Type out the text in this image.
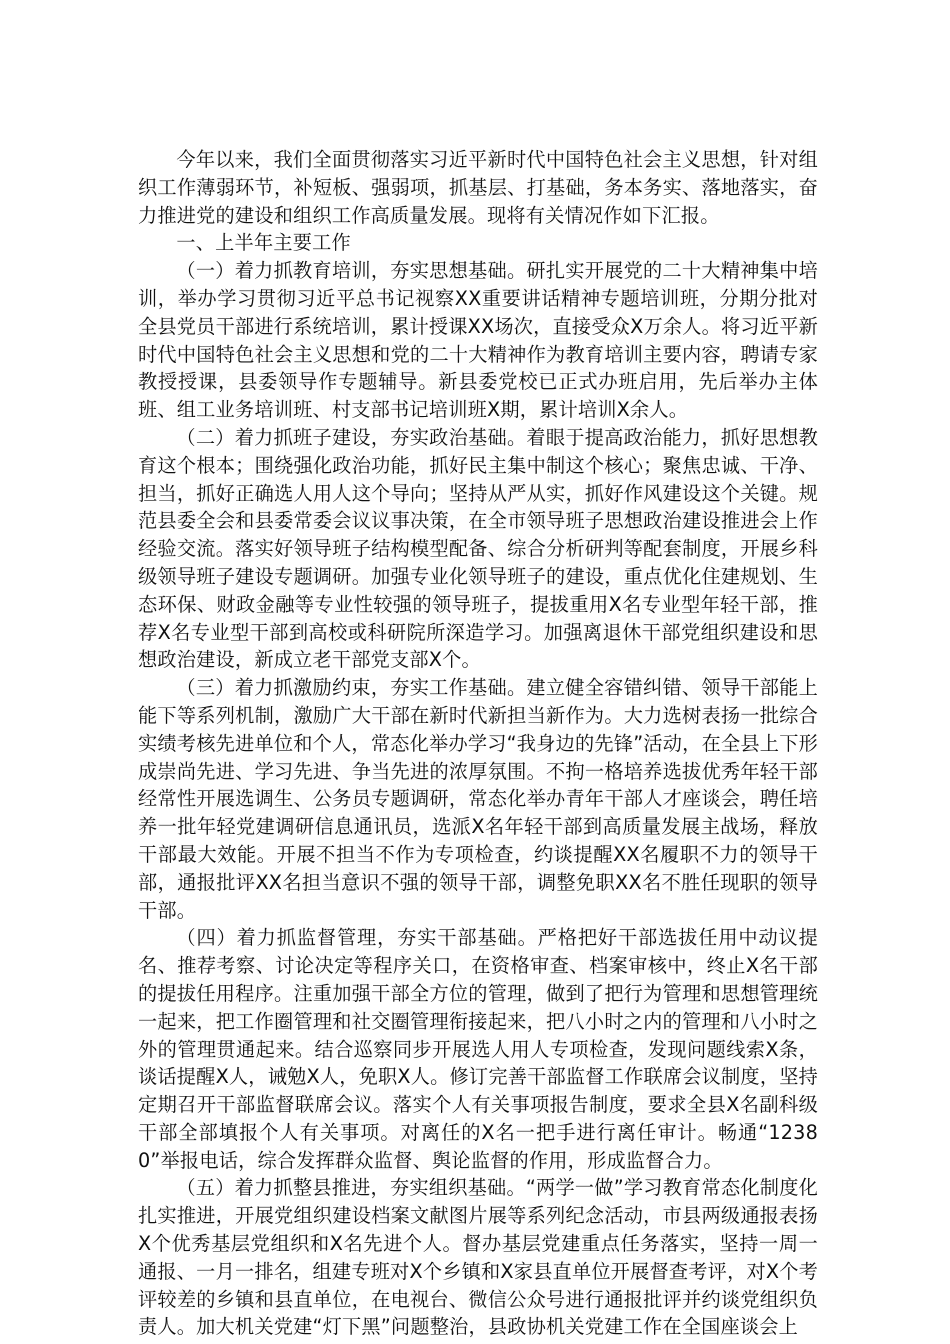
今年以来，我们全面贯彻落实习近平新时代中国特色社会主义思想，针对组织工作薄弱环节，补短板、强弱项，抓基层、打基础，务本务实、落地落实，奋力推进党的建设和组织工作高质量发展。现将有关情况作如下汇报。

一、上半年主要工作

（一）着力抓教育培训，夯实思想基础。研扎实开展党的二十大精神集中培训，举办学习贯彻习近平总书记视察XX重要讲话精神专题培训班，分期分批对全县党员干部进行系统培训，累计授课XX场次，直接受众X万余人。将习近平新时代中国特色社会主义思想和党的二十大精神作为教育培训主要内容，聘请专家教授授课，县委领导作专题辅导。新县委党校已正式办班启用，先后举办主体班、组工业务培训班、村支部书记培训班X期，累计培训X余人。

（二）着力抓班子建设，夯实政治基础。着眼于提高政治能力，抓好思想教育这个根本；围绕强化政治功能，抓好民主集中制这个核心；聚焦忠诚、干净、担当，抓好正确选人用人这个导向；坚持从严从实，抓好作风建设这个关键。规范县委全会和县委常委会议议事决策，在全市领导班子思想政治建设推进会上作经验交流。落实好领导班子结构模型配备、综合分析研判等配套制度，开展乡科级领导班子建设专题调研。加强专业化领导班子的建设，重点优化住建规划、生态环保、财政金融等专业性较强的领导班子，提拔重用X名专业型年轻干部，推荐X名专业型干部到高校或科研院所深造学习。加强离退休干部党组织建设和思想政治建设，新成立老干部党支部X个。

（三）着力抓激励约束，夯实工作基础。建立健全容错纠错、领导干部能上能下等系列机制，激励广大干部在新时代新担当新作为。大力选树表扬一批综合实绩考核先进单位和个人，常态化举办学习“我身边的先锋”活动，在全县上下形成崇尚先进、学习先进、争当先进的浓厚氛围。不拘一格培养选拔优秀年轻干部经常性开展选调生、公务员专题调研，常态化举办青年干部人才座谈会，聘任培养一批年轻党建调研信息通讯员，选派X名年轻干部到高质量发展主战场，释放干部最大效能。开展不担当不作为专项检查，约谈提醒XX名履职不力的领导干部，通报批评XX名担当意识不强的领导干部，调整免职XX名不胜任现职的领导干部。

（四）着力抓监督管理，夯实干部基础。严格把好干部选拔任用中动议提名、推荐考察、讨论决定等程序关口，在资格审查、档案审核中，终止X名干部的提拔任用程序。注重加强干部全方位的管理，做到了把行为管理和思想管理统一起来，把工作圈管理和社交圈管理衔接起来，把八小时之内的管理和八小时之外的管理贯通起来。结合巡察同步开展选人用人专项检查，发现问题线索X条，谈话提醒X人，诫勉X人，免职X人。修订完善干部监督工作联席会议制度，坚持定期召开干部监督联席会议。落实个人有关事项报告制度，要求全县X名副科级干部全部填报个人有关事项。对离任的X名一把手进行离任审计。畅通“12380”举报电话，综合发挥群众监督、舆论监督的作用，形成监督合力。

（五）着力抓整县推进，夯实组织基础。“两学一做”学习教育常态化制度化扎实推进，开展党组织建设档案文献图片展等系列纪念活动，市县两级通报表扬X个优秀基层党组织和X名先进个人。督办基层党建重点任务落实，坚持一周一通报、一月一排名，组建专班对X个乡镇和X家县直单位开展督查考评，对X个考评较差的乡镇和县直单位，在电视台、微信公众号进行通报批评并约谈党组织负责人。加大机关党建“灯下黑”问题整治，县政协机关党建工作在全国座谈会上
